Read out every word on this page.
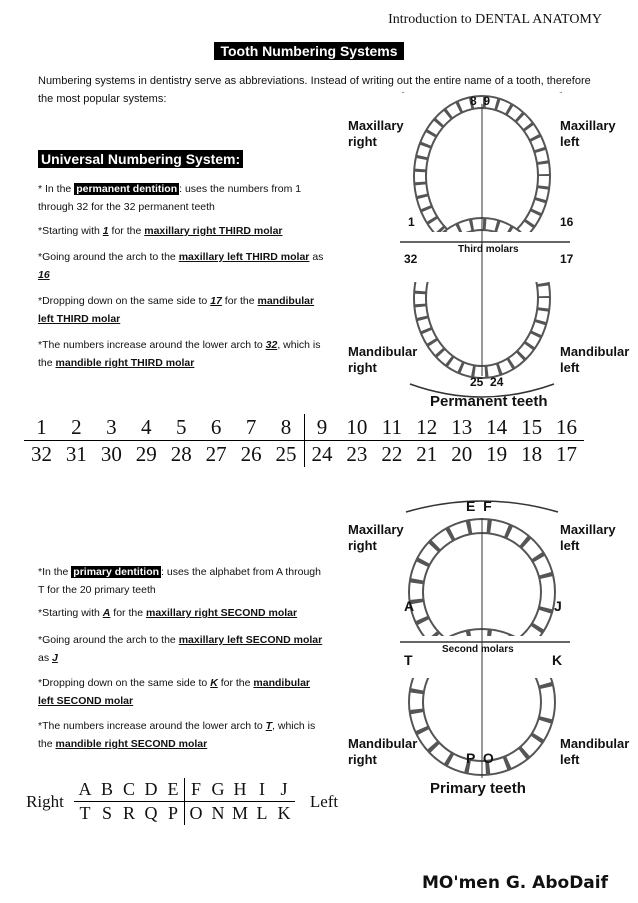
Introduction to DENTAL ANATOMY
Tooth Numbering Systems
Numbering systems in dentistry serve as abbreviations. Instead of writing out the entire name of a tooth, therefore the most popular systems:
Universal Numbering System:
* In the permanent dentition : uses the numbers from 1 through 32 for the 32 permanent teeth
*Starting with 1 for the maxillary right THIRD molar
*Going around the arch to the maxillary left THIRD molar as 16
*Dropping down on the same side to 17 for the mandibular left THIRD molar
*The numbers increase around the lower arch to 32, which is the mandible right THIRD molar
Maxillary
right
Maxillary
left
Mandibular
right
Mandibular
left
8  9
1	16
32	17
Third molars
25  24
Permanent teeth
1	2	3	4	5	6	7	8	9	10	11	12	13	14	15	16
32	31	30	29	28	27	26	25	24	23	22	21	20	19	18	17
*In the primary dentition : uses the alphabet from A through T for the 20 primary teeth
*Starting with A for the maxillary right SECOND molar
*Going around the arch to the maxillary left SECOND molar as J
*Dropping down on the same side to K for the mandibular left SECOND molar
*The numbers increase around the lower arch to T, which is the mandible right SECOND molar
Maxillary
right
Maxillary
left
Mandibular
right
Mandibular
left
E  F
A	J
T	K
Second molars
P  O
Primary teeth
Right	A	B	C	D	E	F	G	H	I	J	Left
	T	S	R	Q	P	O	N	M	L	K	
MO'men G. AboDaif
